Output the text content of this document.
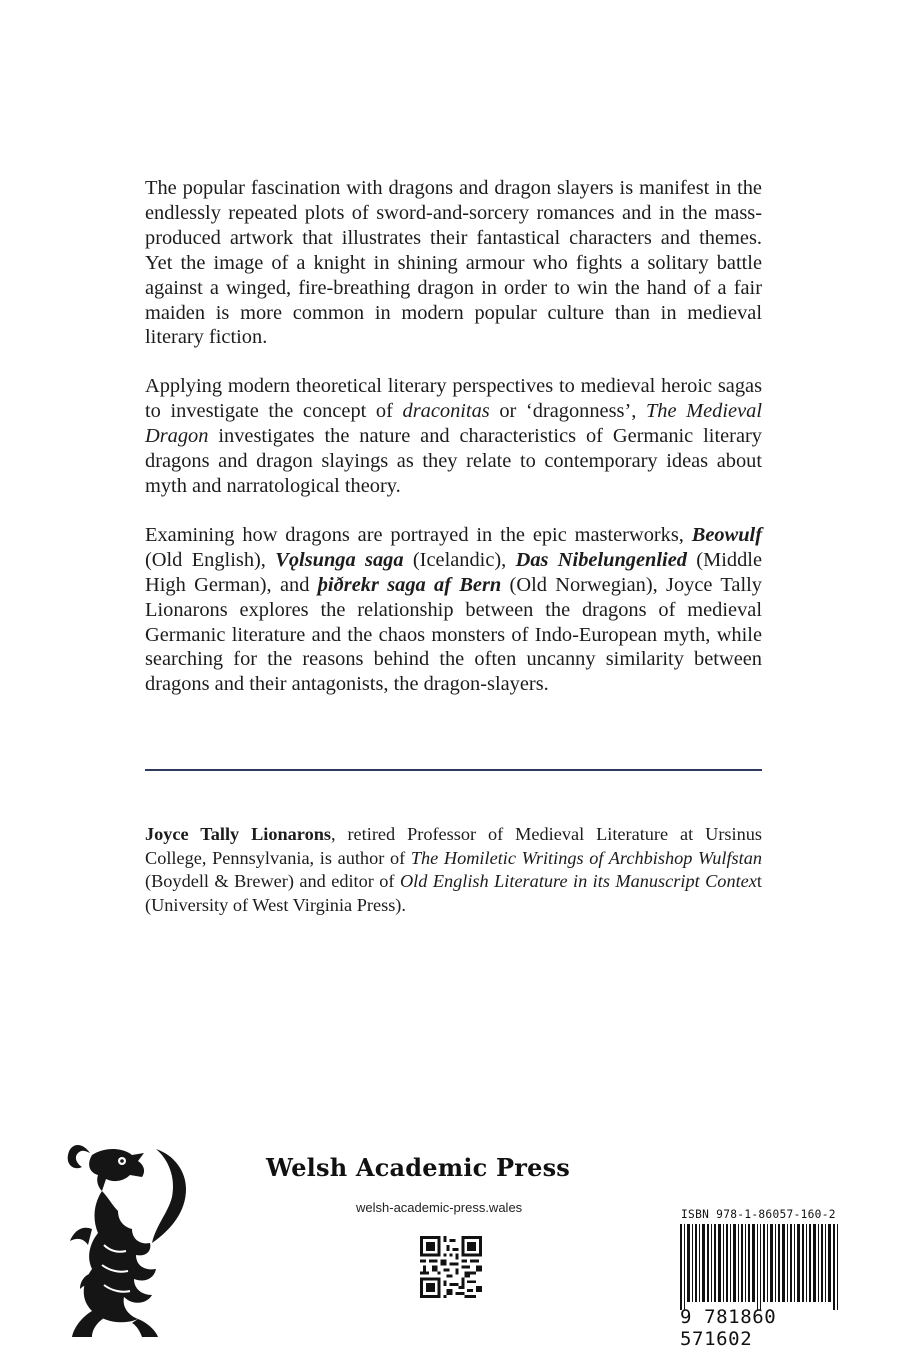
The popular fascination with dragons and dragon slayers is manifest in the endlessly repeated plots of sword-and-sorcery romances and in the mass-produced artwork that illustrates their fantastical characters and themes. Yet the image of a knight in shining armour who fights a solitary battle against a winged, fire-breathing dragon in order to win the hand of a fair maiden is more common in modern popular culture than in medieval literary fiction.

Applying modern theoretical literary perspectives to medieval heroic sagas to investigate the concept of draconitas or ‘dragonness’, The Medieval Dragon investigates the nature and characteristics of Germanic literary dragons and dragon slayings as they relate to contemporary ideas about myth and narratological theory.

Examining how dragons are portrayed in the epic masterworks, Beowulf (Old English), Vǫlsunga saga (Icelandic), Das Nibelungenlied (Middle High German), and þiðrekr saga af Bern (Old Norwegian), Joyce Tally Lionarons explores the relationship between the dragons of medieval Germanic literature and the chaos monsters of Indo-European myth, while searching for the reasons behind the often uncanny similarity between dragons and their antagonists, the dragon-slayers.

Joyce Tally Lionarons, retired Professor of Medieval Literature at Ursinus College, Pennsylvania, is author of The Homiletic Writings of Archbishop Wulfstan (Boydell & Brewer) and editor of Old English Literature in its Manuscript Context (University of West Virginia Press).

Welsh Academic Press
welsh-academic-press.wales	ISBN 978-1-86057-160-2
9 781860 571602
